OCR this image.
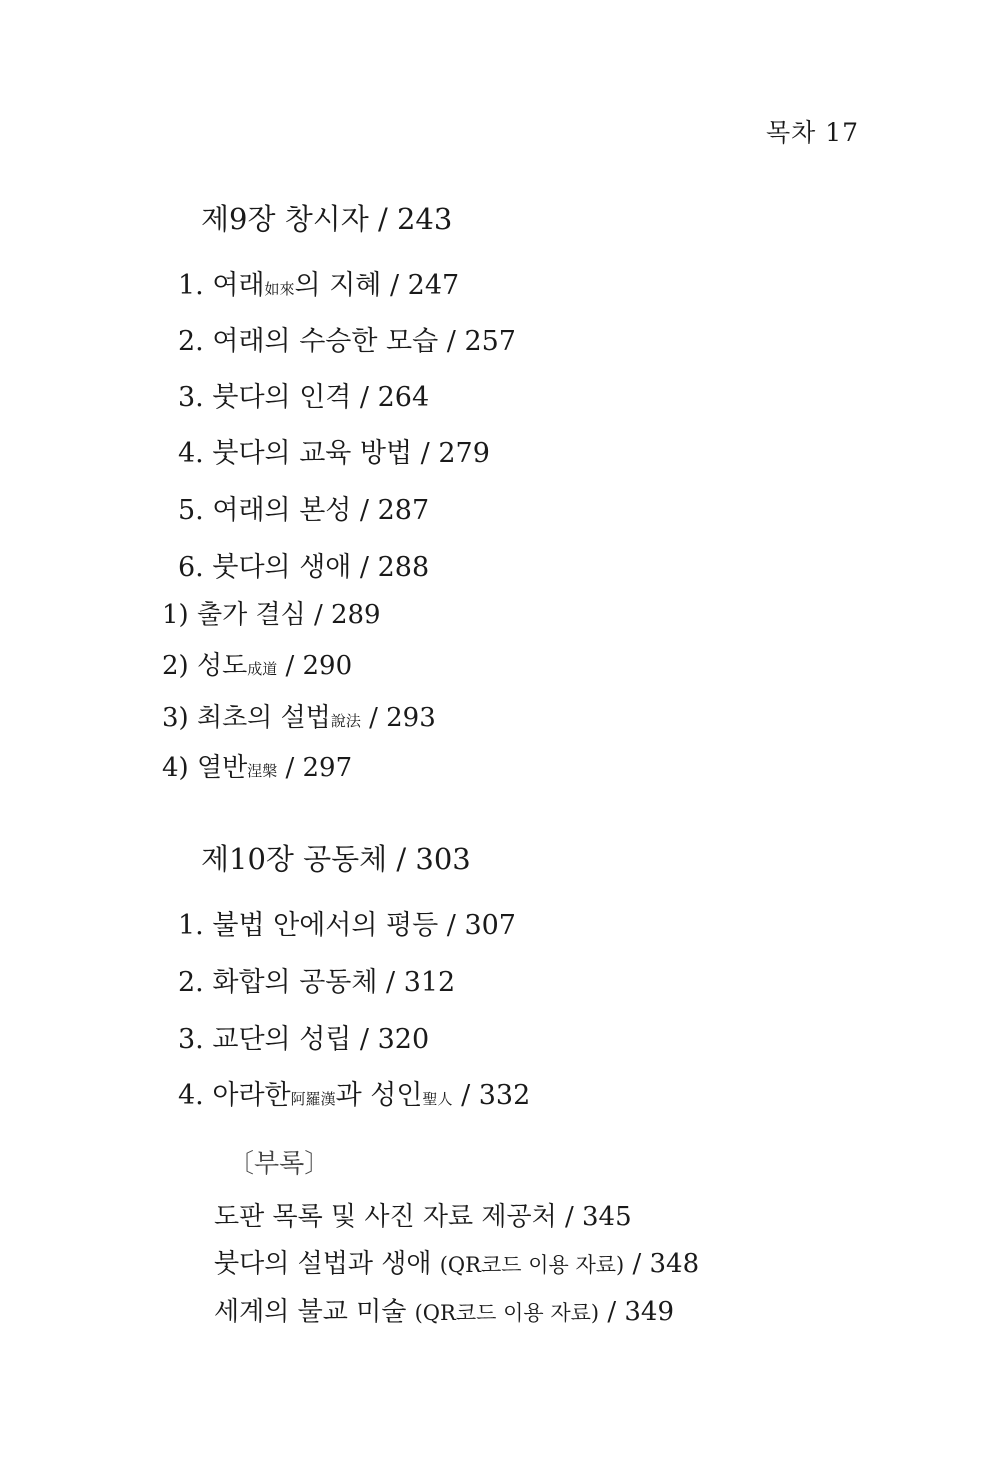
목차 17
제9장 창시자 / 243
1. 여래如來의 지혜 / 247
2. 여래의 수승한 모습 / 257
3. 붓다의 인격 / 264
4. 붓다의 교육 방법 / 279
5. 여래의 본성 / 287
6. 붓다의 생애 / 288
1) 출가 결심 / 289
2) 성도成道 / 290
3) 최초의 설법說法 / 293
4) 열반涅槃 / 297
제10장 공동체 / 303
1. 불법 안에서의 평등 / 307
2. 화합의 공동체 / 312
3. 교단의 성립 / 320
4. 아라한阿羅漢과 성인聖人 / 332
〔부록〕
도판 목록 및 사진 자료 제공처 / 345
붓다의 설법과 생애 (QR코드 이용 자료) / 348
세계의 불교 미술 (QR코드 이용 자료) / 349
